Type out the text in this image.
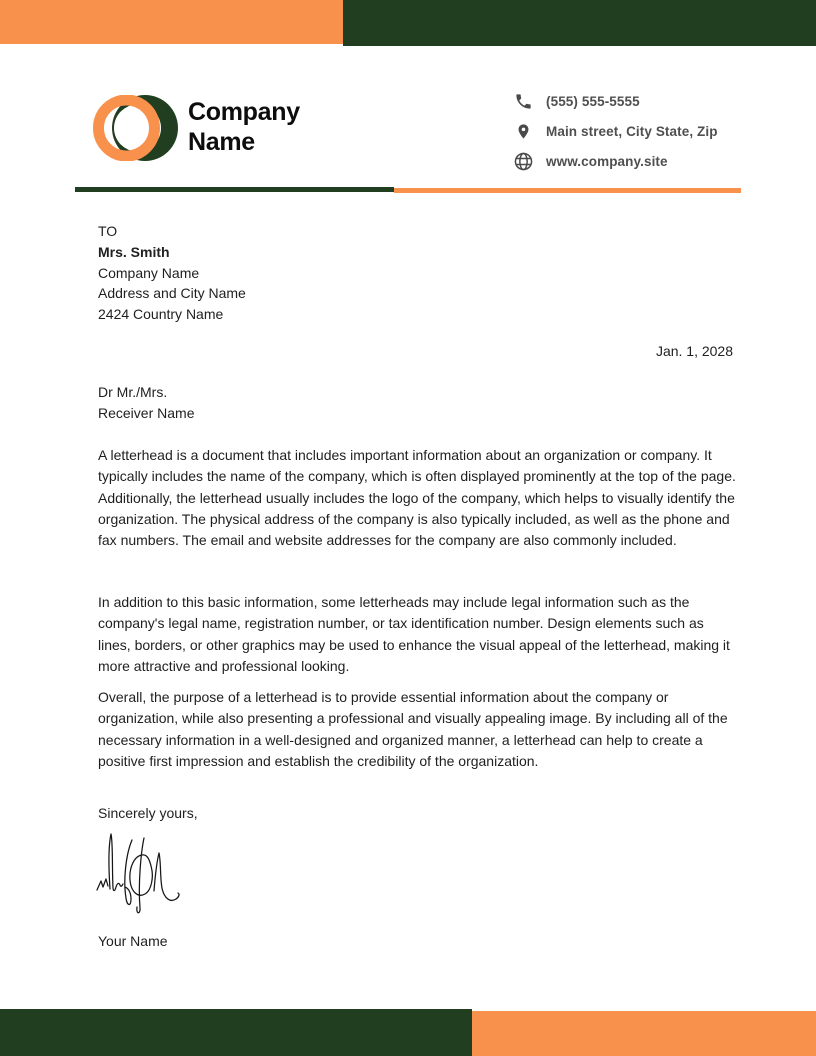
Company
Name
(555) 555-5555
Main street, City State, Zip
www.company.site
TO
Mrs. Smith
Company Name
Address and City Name
2424 Country Name
Jan. 1, 2028
Dr Mr./Mrs.
Receiver Name
A letterhead is a document that includes important information about an organization or company. It typically includes the name of the company, which is often displayed prominently at the top of the page. Additionally, the letterhead usually includes the logo of the company, which helps to visually identify the organization. The physical address of the company is also typically included, as well as the phone and fax numbers. The email and website addresses for the company are also commonly included.
In addition to this basic information, some letterheads may include legal information such as the company's legal name, registration number, or tax identification number. Design elements such as lines, borders, or other graphics may be used to enhance the visual appeal of the letterhead, making it more attractive and professional looking.
Overall, the purpose of a letterhead is to provide essential information about the company or organization, while also presenting a professional and visually appealing image. By including all of the necessary information in a well-designed and organized manner, a letterhead can help to create a positive first impression and establish the credibility of the organization.
Sincerely yours,
Your Name
